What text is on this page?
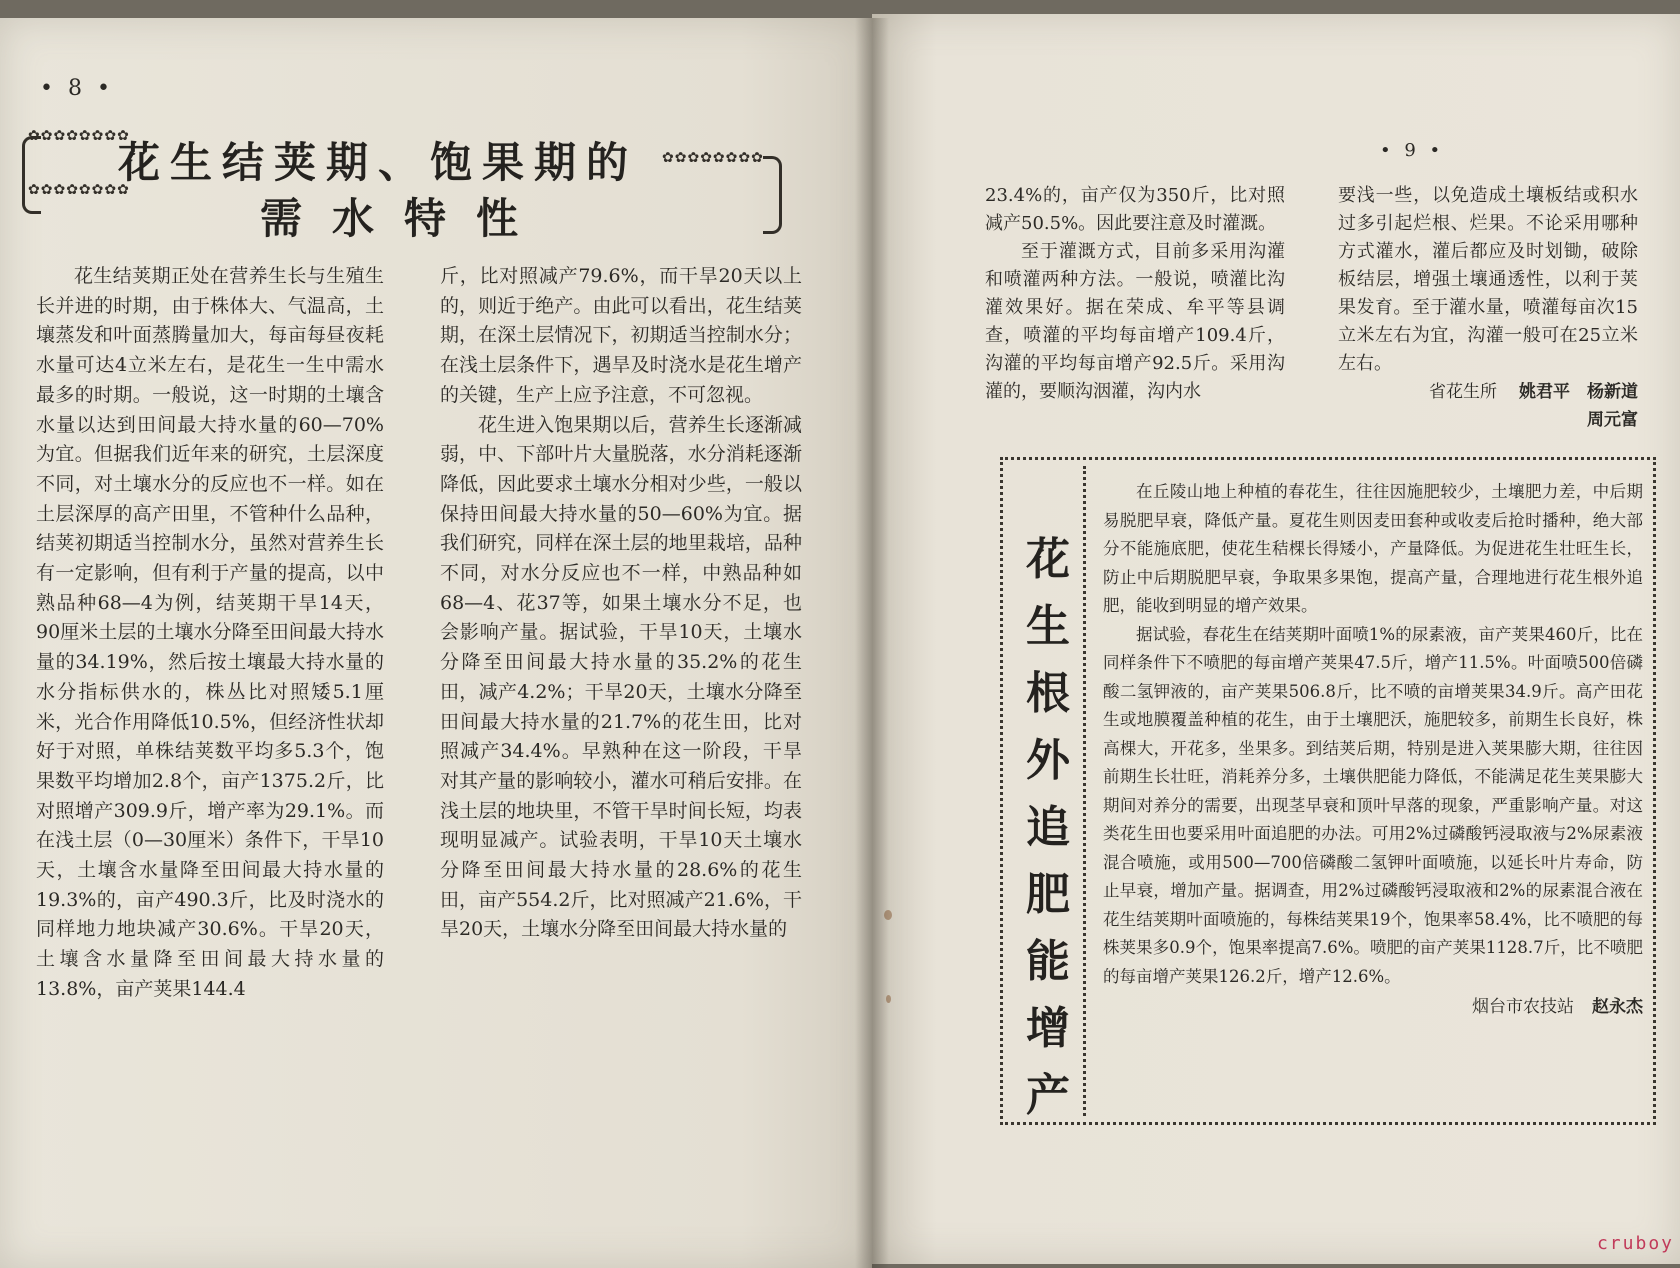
• 8 •
✿✿✿✿✿✿✿✿
✿✿✿✿✿✿✿✿
✿✿✿✿✿✿✿✿
花生结荚期、饱果期的
需水特性

花生结荚期正处在营养生长与生殖生长并进的时期，由于株体大、气温高，土壤蒸发和叶面蒸腾量加大，每亩每昼夜耗水量可达4立米左右，是花生一生中需水最多的时期。一般说，这一时期的土壤含水量以达到田间最大持水量的60—70%为宜。但据我们近年来的研究，土层深度不同，对土壤水分的反应也不一样。如在土层深厚的高产田里，不管种什么品种，结荚初期适当控制水分，虽然对营养生长有一定影响，但有利于产量的提高，以中熟品种68—4为例，结荚期干旱14天，90厘米土层的土壤水分降至田间最大持水量的34.19%，然后按土壤最大持水量的水分指标供水的，株丛比对照矮5.1厘米，光合作用降低10.5%，但经济性状却好于对照，单株结荚数平均多5.3个，饱果数平均增加2.8个，亩产1375.2斤，比对照增产309.9斤，增产率为29.1%。而在浅土层（0—30厘米）条件下，干旱10天，土壤含水量降至田间最大持水量的19.3%的，亩产490.3斤，比及时浇水的同样地力地块减产30.6%。干旱20天，土壤含水量降至田间最大持水量的13.8%，亩产荚果144.4

斤，比对照减产79.6%，而干旱20天以上的，则近于绝产。由此可以看出，花生结荚期，在深土层情况下，初期适当控制水分；在浅土层条件下，遇旱及时浇水是花生增产的关键，生产上应予注意，不可忽视。

花生进入饱果期以后，营养生长逐渐减弱，中、下部叶片大量脱落，水分消耗逐渐降低，因此要求土壤水分相对少些，一般以保持田间最大持水量的50—60%为宜。据我们研究，同样在深土层的地里栽培，品种不同，对水分反应也不一样，中熟品种如68—4、花37等，如果土壤水分不足，也会影响产量。据试验，干旱10天，土壤水分降至田间最大持水量的35.2%的花生田，减产4.2%；干旱20天，土壤水分降至田间最大持水量的21.7%的花生田，比对照减产34.4%。早熟种在这一阶段，干旱对其产量的影响较小，灌水可稍后安排。在浅土层的地块里，不管干旱时间长短，均表现明显减产。试验表明，干旱10天土壤水分降至田间最大持水量的28.6%的花生田，亩产554.2斤，比对照减产21.6%，干旱20天，土壤水分降至田间最大持水量的

• 9 •

23.4%的，亩产仅为350斤，比对照减产50.5%。因此要注意及时灌溉。

至于灌溉方式，目前多采用沟灌和喷灌两种方法。一般说，喷灌比沟灌效果好。据在荣成、牟平等县调查，喷灌的平均每亩增产109.4斤，沟灌的平均每亩增产92.5斤。采用沟灌的，要顺沟洇灌，沟内水

要浅一些，以免造成土壤板结或积水过多引起烂根、烂果。不论采用哪种方式灌水，灌后都应及时划锄，破除板结层，增强土壤通透性，以利于荚果发育。至于灌水量，喷灌每亩次15立米左右为宜，沟灌一般可在25立米左右。

省花生所 姚君平　杨新道
周元富
花
生
根
外
追
肥
能
增
产

在丘陵山地上种植的春花生，往往因施肥较少，土壤肥力差，中后期易脱肥早衰，降低产量。夏花生则因麦田套种或收麦后抢时播种，绝大部分不能施底肥，使花生秸棵长得矮小，产量降低。为促进花生壮旺生长，防止中后期脱肥早衰，争取果多果饱，提高产量，合理地进行花生根外追肥，能收到明显的增产效果。

据试验，春花生在结荚期叶面喷1%的尿素液，亩产荚果460斤，比在同样条件下不喷肥的每亩增产荚果47.5斤，增产11.5%。叶面喷500倍磷酸二氢钾液的，亩产荚果506.8斤，比不喷的亩增荚果34.9斤。高产田花生或地膜覆盖种植的花生，由于土壤肥沃，施肥较多，前期生长良好，株高棵大，开花多，坐果多。到结荚后期，特别是进入荚果膨大期，往往因前期生长壮旺，消耗养分多，土壤供肥能力降低，不能满足花生荚果膨大期间对养分的需要，出现茎早衰和顶叶早落的现象，严重影响产量。对这类花生田也要采用叶面追肥的办法。可用2%过磷酸钙浸取液与2%尿素液混合喷施，或用500—700倍磷酸二氢钾叶面喷施，以延长叶片寿命，防止早衰，增加产量。据调查，用2%过磷酸钙浸取液和2%的尿素混合液在花生结荚期叶面喷施的，每株结荚果19个，饱果率58.4%，比不喷肥的每株荚果多0.9个，饱果率提高7.6%。喷肥的亩产荚果1128.7斤，比不喷肥的每亩增产荚果126.2斤，增产12.6%。

烟台市农技站 赵永杰
cruboy
